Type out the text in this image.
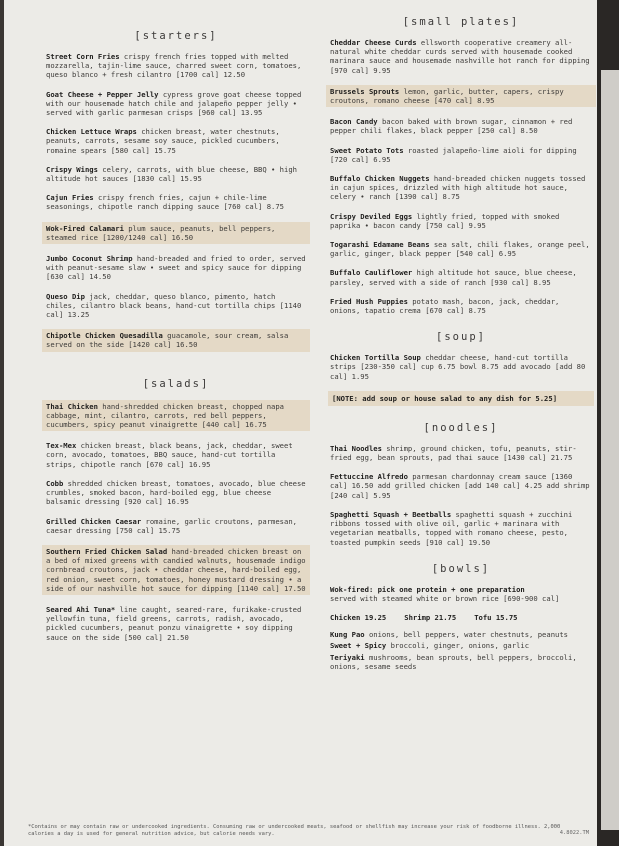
[starters]
Street Corn Fries crispy french fries topped with melted mozzarella, tajin-lime sauce, charred sweet corn, tomatoes, queso blanco + fresh cilantro [1700 cal] 12.50
Goat Cheese + Pepper Jelly cypress grove goat cheese topped with our housemade hatch chile and jalapeño pepper jelly • served with garlic parmesan crisps [960 cal] 13.95
Chicken Lettuce Wraps chicken breast, water chestnuts, peanuts, carrots, sesame soy sauce, pickled cucumbers, romaine spears [580 cal] 15.75
Crispy Wings celery, carrots, with blue cheese, BBQ • high altitude hot sauces [1830 cal] 15.95
Cajun Fries crispy french fries, cajun + chile-lime seasonings, chipotle ranch dipping sauce [760 cal] 8.75
Wok-Fired Calamari plum sauce, peanuts, bell peppers, steamed rice [1200/1240 cal] 16.50
Jumbo Coconut Shrimp hand-breaded and fried to order, served with peanut-sesame slaw • sweet and spicy sauce for dipping [630 cal] 14.50
Queso Dip jack, cheddar, queso blanco, pimento, hatch chiles, cilantro black beans, hand-cut tortilla chips [1140 cal] 13.25
Chipotle Chicken Quesadilla guacamole, sour cream, salsa served on the side [1420 cal] 16.50
[salads]
Thai Chicken hand-shredded chicken breast, chopped napa cabbage, mint, cilantro, carrots, red bell peppers, cucumbers, spicy peanut vinaigrette [440 cal] 16.75
Tex-Mex chicken breast, black beans, jack, cheddar, sweet corn, avocado, tomatoes, BBQ sauce, hand-cut tortilla strips, chipotle ranch [670 cal] 16.95
Cobb shredded chicken breast, tomatoes, avocado, blue cheese crumbles, smoked bacon, hard-boiled egg, blue cheese balsamic dressing [920 cal] 16.95
Grilled Chicken Caesar romaine, garlic croutons, parmesan, caesar dressing [750 cal] 15.75
Southern Fried Chicken Salad hand-breaded chicken breast on a bed of mixed greens with candied walnuts, housemade indigo cornbread croutons, jack • cheddar cheese, hard-boiled egg, red onion, sweet corn, tomatoes, honey mustard dressing • a side of our nashville hot sauce for dipping [1140 cal] 17.50
Seared Ahi Tuna* line caught, seared-rare, furikake-crusted yellowfin tuna, field greens, carrots, radish, avocado, pickled cucumbers, peanut ponzu vinaigrette • soy dipping sauce on the side [500 cal] 21.50
[small plates]
Cheddar Cheese Curds ellsworth cooperative creamery all-natural white cheddar curds served with housemade cooked marinara sauce and housemade nashville hot ranch for dipping [970 cal] 9.95
Brussels Sprouts lemon, garlic, butter, capers, crispy croutons, romano cheese [470 cal] 8.95
Bacon Candy bacon baked with brown sugar, cinnamon + red pepper chili flakes, black pepper [250 cal] 8.50
Sweet Potato Tots roasted jalapeño-lime aioli for dipping [720 cal] 6.95
Buffalo Chicken Nuggets hand-breaded chicken nuggets tossed in cajun spices, drizzled with high altitude hot sauce, celery • ranch [1390 cal] 8.75
Crispy Deviled Eggs lightly fried, topped with smoked paprika • bacon candy [750 cal] 9.95
Togarashi Edamame Beans sea salt, chili flakes, orange peel, garlic, ginger, black pepper [540 cal] 6.95
Buffalo Cauliflower high altitude hot sauce, blue cheese, parsley, served with a side of ranch [930 cal] 8.95
Fried Hush Puppies potato mash, bacon, jack, cheddar, onions, tapatio crema [670 cal] 8.75
[soup]
Chicken Tortilla Soup cheddar cheese, hand-cut tortilla strips [230-350 cal] cup 6.75 bowl 8.75 add avocado [add 80 cal] 1.95
[NOTE: add soup or house salad to any dish for 5.25]
[noodles]
Thai Noodles shrimp, ground chicken, tofu, peanuts, stir-fried egg, bean sprouts, pad thai sauce [1430 cal] 21.75
Fettuccine Alfredo parmesan chardonnay cream sauce [1360 cal] 16.50 add grilled chicken [add 140 cal] 4.25 add shrimp [240 cal] 5.95
Spaghetti Squash + Beetballs spaghetti squash + zucchini ribbons tossed with olive oil, garlic + marinara with vegetarian meatballs, topped with romano cheese, pesto, toasted pumpkin seeds [910 cal] 19.50
[bowls]
Wok-fired: pick one protein + one preparation
served with steamed white or brown rice [690-900 cal]
Chicken 19.25	Shrimp 21.75	Tofu 15.75
Kung Pao onions, bell peppers, water chestnuts, peanuts
Sweet + Spicy broccoli, ginger, onions, garlic
Teriyaki mushrooms, bean sprouts, bell peppers, broccoli, onions, sesame seeds
*Contains or may contain raw or undercooked ingredients. Consuming raw or undercooked meats, seafood or shellfish may increase your risk of foodborne illness. 2,000 calories a day is used for general nutrition advice, but calorie needs vary.	4.8022.TM
